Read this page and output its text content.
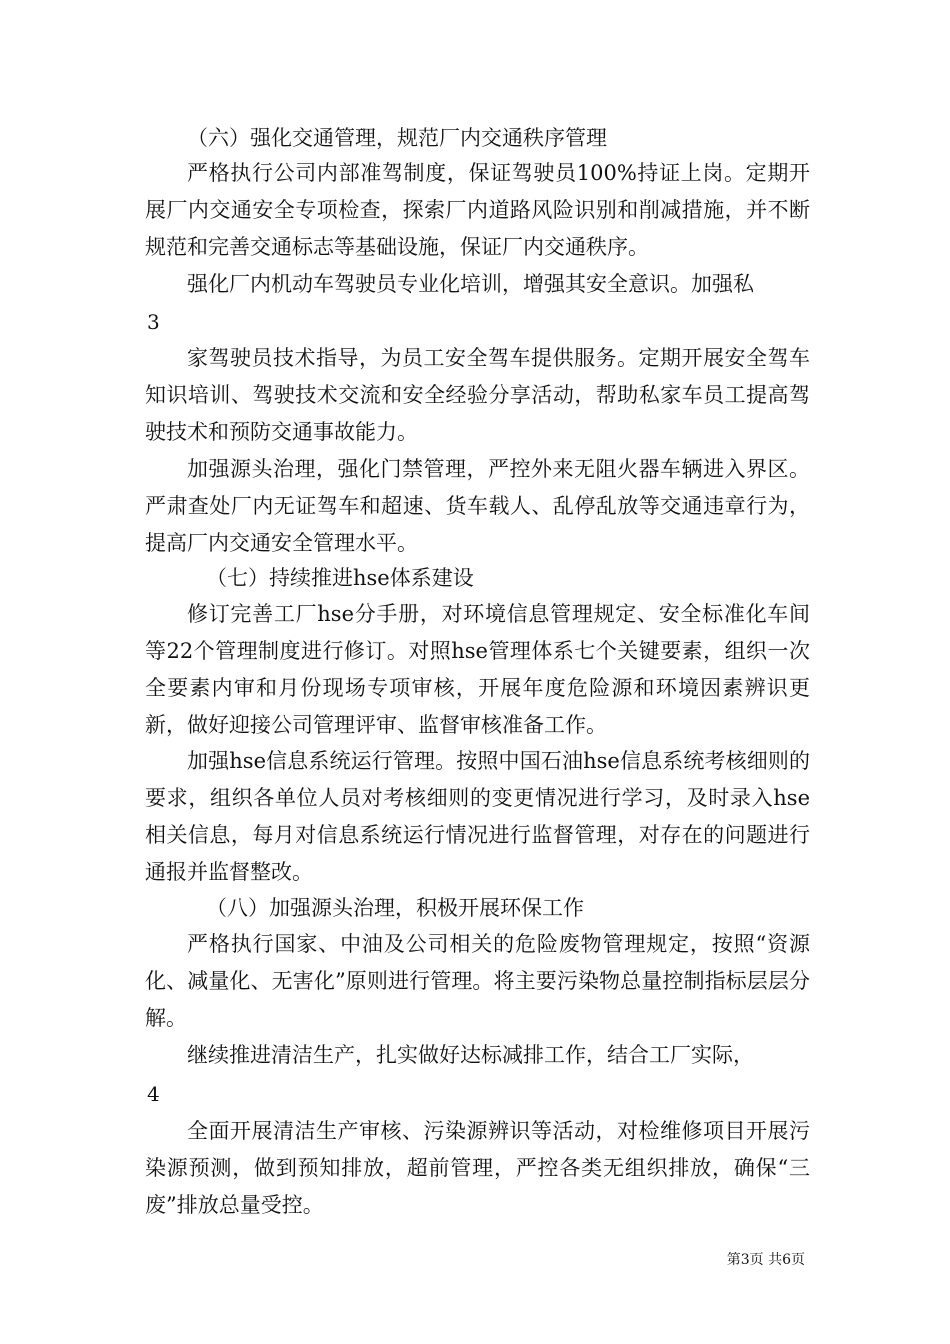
（六）强化交通管理，规范厂内交通秩序管理

严格执行公司内部准驾制度，保证驾驶员100%持证上岗。定期开展厂内交通安全专项检查，探索厂内道路风险识别和削减措施，并不断规范和完善交通标志等基础设施，保证厂内交通秩序。

强化厂内机动车驾驶员专业化培训，增强其安全意识。加强私

3

家驾驶员技术指导，为员工安全驾车提供服务。定期开展安全驾车知识培训、驾驶技术交流和安全经验分享活动，帮助私家车员工提高驾驶技术和预防交通事故能力。

加强源头治理，强化门禁管理，严控外来无阻火器车辆进入界区。严肃查处厂内无证驾车和超速、货车载人、乱停乱放等交通违章行为，提高厂内交通安全管理水平。

（七）持续推进hse体系建设

修订完善工厂hse分手册，对环境信息管理规定、安全标准化车间等22个管理制度进行修订。对照hse管理体系七个关键要素，组织一次全要素内审和月份现场专项审核，开展年度危险源和环境因素辨识更新，做好迎接公司管理评审、监督审核准备工作。

加强hse信息系统运行管理。按照中国石油hse信息系统考核细则的要求，组织各单位人员对考核细则的变更情况进行学习，及时录入hse相关信息，每月对信息系统运行情况进行监督管理，对存在的问题进行通报并监督整改。

（八）加强源头治理，积极开展环保工作

严格执行国家、中油及公司相关的危险废物管理规定，按照“资源化、减量化、无害化”原则进行管理。将主要污染物总量控制指标层层分解。

继续推进清洁生产，扎实做好达标减排工作，结合工厂实际，

4

全面开展清洁生产审核、污染源辨识等活动，对检维修项目开展污染源预测，做到预知排放，超前管理，严控各类无组织排放，确保“三废”排放总量受控。

第3页 共6页
